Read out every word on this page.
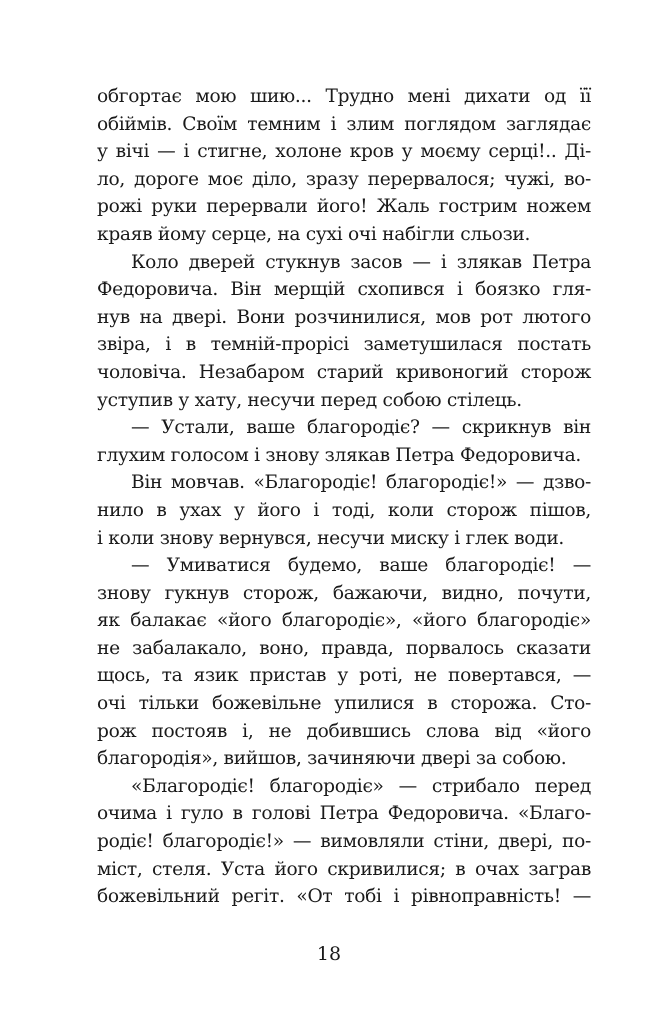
обгортає мою шию... Трудно мені дихати од її
обіймів. Своїм темним і злим поглядом заглядає
у вічі — і стигне, холоне кров у моєму серці!.. Ді-
ло, дороге моє діло, зразу перервалося; чужі, во-
рожі руки перервали його! Жаль гострим ножем
краяв йому серце, на сухі очі набігли сльози.
Коло дверей стукнув засов — і злякав Петра
Федоровича. Він мерщій схопився і боязко гля-
нув на двері. Вони розчинилися, мов рот лютого
звіра, і в темній-прорісі заметушилася постать
чоловіча. Незабаром старий кривоногий сторож
уступив у хату, несучи перед собою стілець.
— Устали, ваше благородіє? — скрикнув він
глухим голосом і знову злякав Петра Федоровича.
Він мовчав. «Благородіє! благородіє!» — дзво-
нило в ухах у його і тоді, коли сторож пішов,
і коли знову вернувся, несучи миску і глек води.
— Умиватися будемо, ваше благородіє! —
знову гукнув сторож, бажаючи, видно, почути,
як балакає «його благородіє», «його благородіє»
не забалакало, воно, правда, порвалось сказати
щось, та язик пристав у роті, не повертався, —
очі тільки божевільне упилися в сторожа. Сто-
рож постояв і, не добившись слова від «його
благородія», вийшов, зачиняючи двері за собою.
«Благородіє! благородіє» — стрибало перед
очима і гуло в голові Петра Федоровича. «Благо-
родіє! благородіє!» — вимовляли стіни, двері, по-
міст, стеля. Уста його скривилися; в очах заграв
божевільний регіт. «От тобі і рівноправність! —
18
